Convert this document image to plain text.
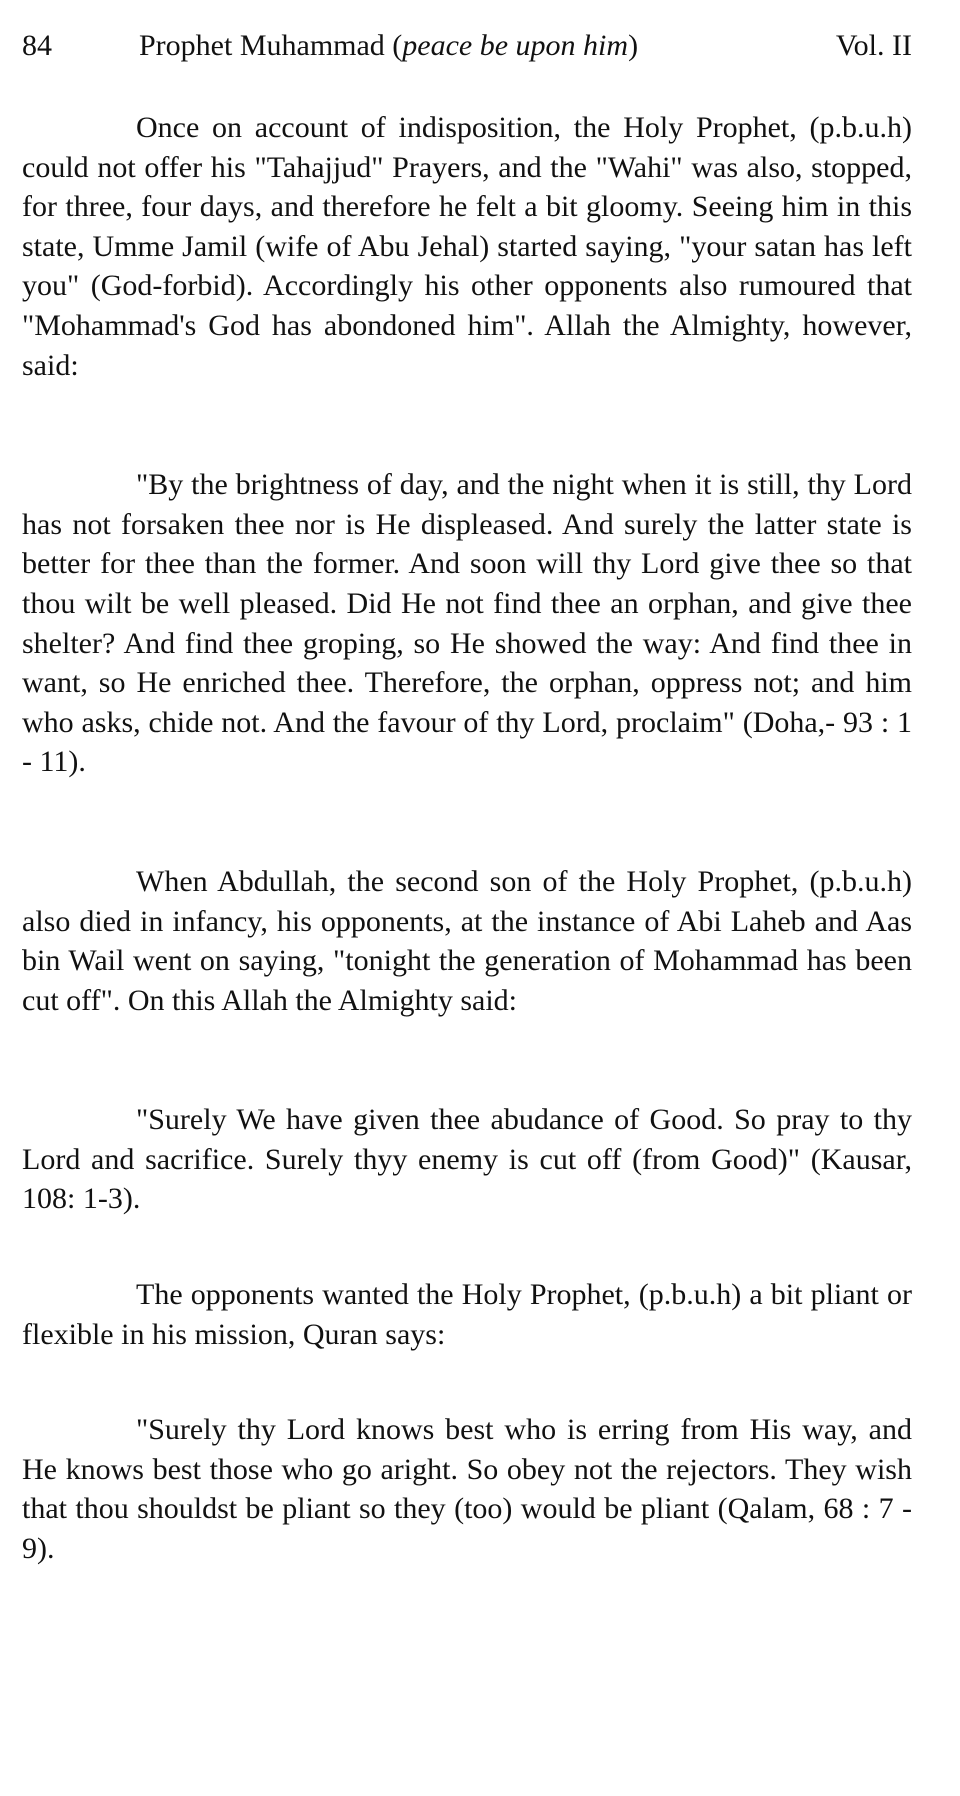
84	Prophet Muhammad (peace be upon him)	Vol. II

Once on account of indisposition, the Holy Prophet, (p.b.u.h) could not offer his "Tahajjud" Prayers, and the "Wahi" was also, stopped, for three, four days, and therefore he felt a bit gloomy. Seeing him in this state, Umme Jamil (wife of Abu Jehal) started saying, "your satan has left you" (God-forbid). Accordingly his other opponents also rumoured that "Mohammad's God has abondoned him". Allah the Almighty, however, said:

"By the brightness of day, and the night when it is still, thy Lord has not forsaken thee nor is He displeased. And surely the latter state is better for thee than the former. And soon will thy Lord give thee so that thou wilt be well pleased. Did He not find thee an orphan, and give thee shelter? And find thee groping, so He showed the way: And find thee in want, so He enriched thee. Therefore, the orphan, oppress not; and him who asks, chide not. And the favour of thy Lord, proclaim" (Doha,- 93 : 1 - 11).

When Abdullah, the second son of the Holy Prophet, (p.b.u.h) also died in infancy, his opponents, at the instance of Abi Laheb and Aas bin Wail went on saying, "tonight the generation of Mohammad has been cut off". On this Allah the Almighty said:

"Surely We have given thee abudance of Good. So pray to thy Lord and sacrifice. Surely thyy enemy is cut off (from Good)" (Kausar, 108: 1-3).

The opponents wanted the Holy Prophet, (p.b.u.h) a bit pliant or flexible in his mission, Quran says:

"Surely thy Lord knows best who is erring from His way, and He knows best those who go aright. So obey not the rejectors. They wish that thou shouldst be pliant so they (too) would be pliant (Qalam, 68 : 7 - 9).
